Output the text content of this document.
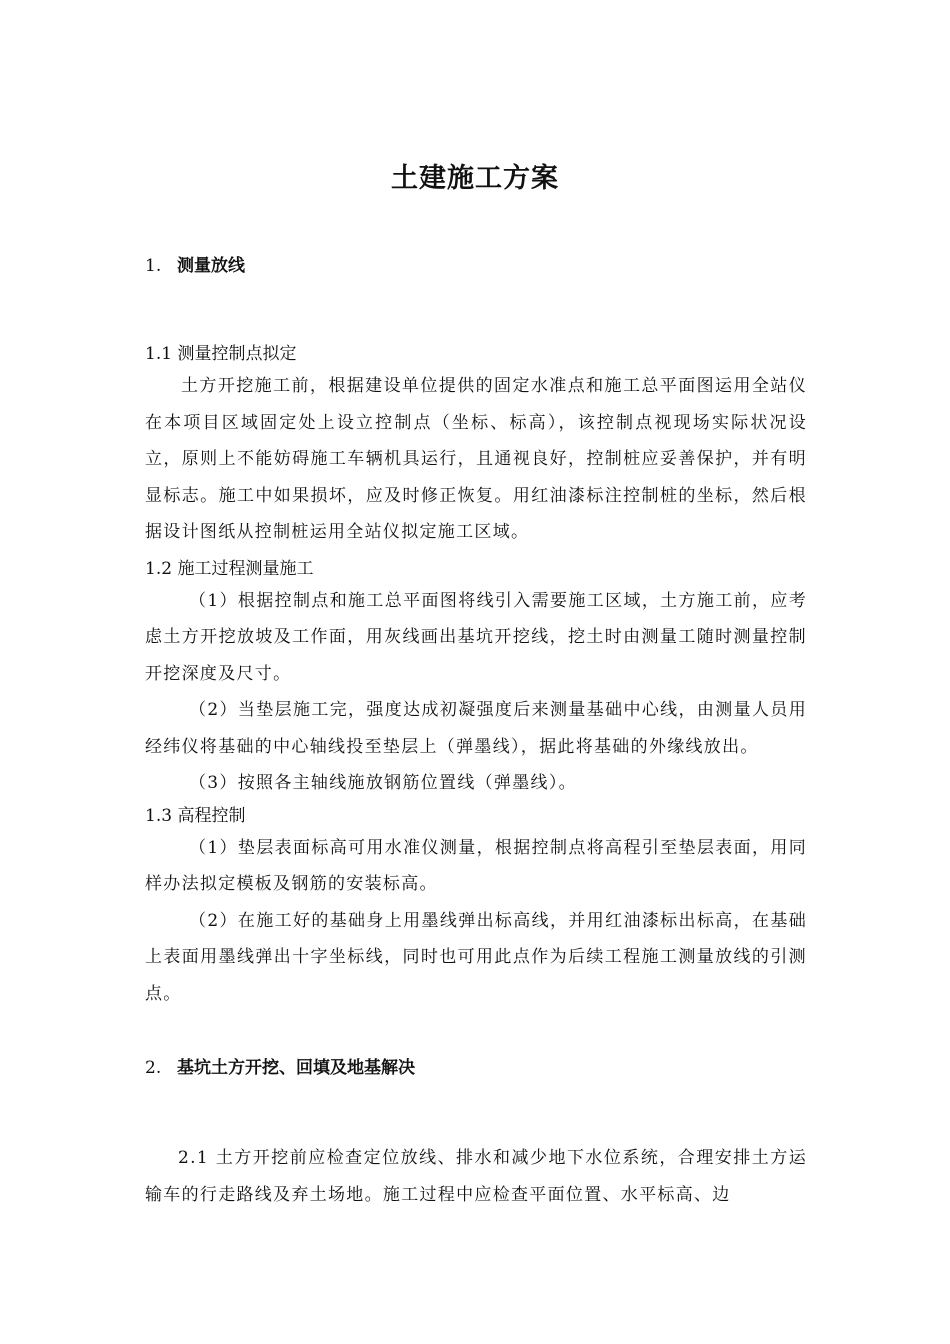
土建施工方案
1. 测量放线
1.1 测量控制点拟定

土方开挖施工前，根据建设单位提供的固定水准点和施工总平面图运用全站仪在本项目区域固定处上设立控制点（坐标、标高），该控制点视现场实际状况设立，原则上不能妨碍施工车辆机具运行，且通视良好，控制桩应妥善保护，并有明显标志。施工中如果损坏，应及时修正恢复。用红油漆标注控制桩的坐标，然后根据设计图纸从控制桩运用全站仪拟定施工区域。

1.2 施工过程测量施工

（1）根据控制点和施工总平面图将线引入需要施工区域，土方施工前，应考虑土方开挖放坡及工作面，用灰线画出基坑开挖线，挖土时由测量工随时测量控制开挖深度及尺寸。

（2）当垫层施工完，强度达成初凝强度后来测量基础中心线，由测量人员用经纬仪将基础的中心轴线投至垫层上（弹墨线），据此将基础的外缘线放出。

（3）按照各主轴线施放钢筋位置线（弹墨线）。

1.3 高程控制

（1）垫层表面标高可用水准仪测量，根据控制点将高程引至垫层表面，用同样办法拟定模板及钢筋的安装标高。

（2）在施工好的基础身上用墨线弹出标高线，并用红油漆标出标高，在基础上表面用墨线弹出十字坐标线，同时也可用此点作为后续工程施工测量放线的引测点。

2. 基坑土方开挖、回填及地基解决

2.1 土方开挖前应检查定位放线、排水和减少地下水位系统，合理安排土方运输车的行走路线及弃土场地。施工过程中应检查平面位置、水平标高、边
